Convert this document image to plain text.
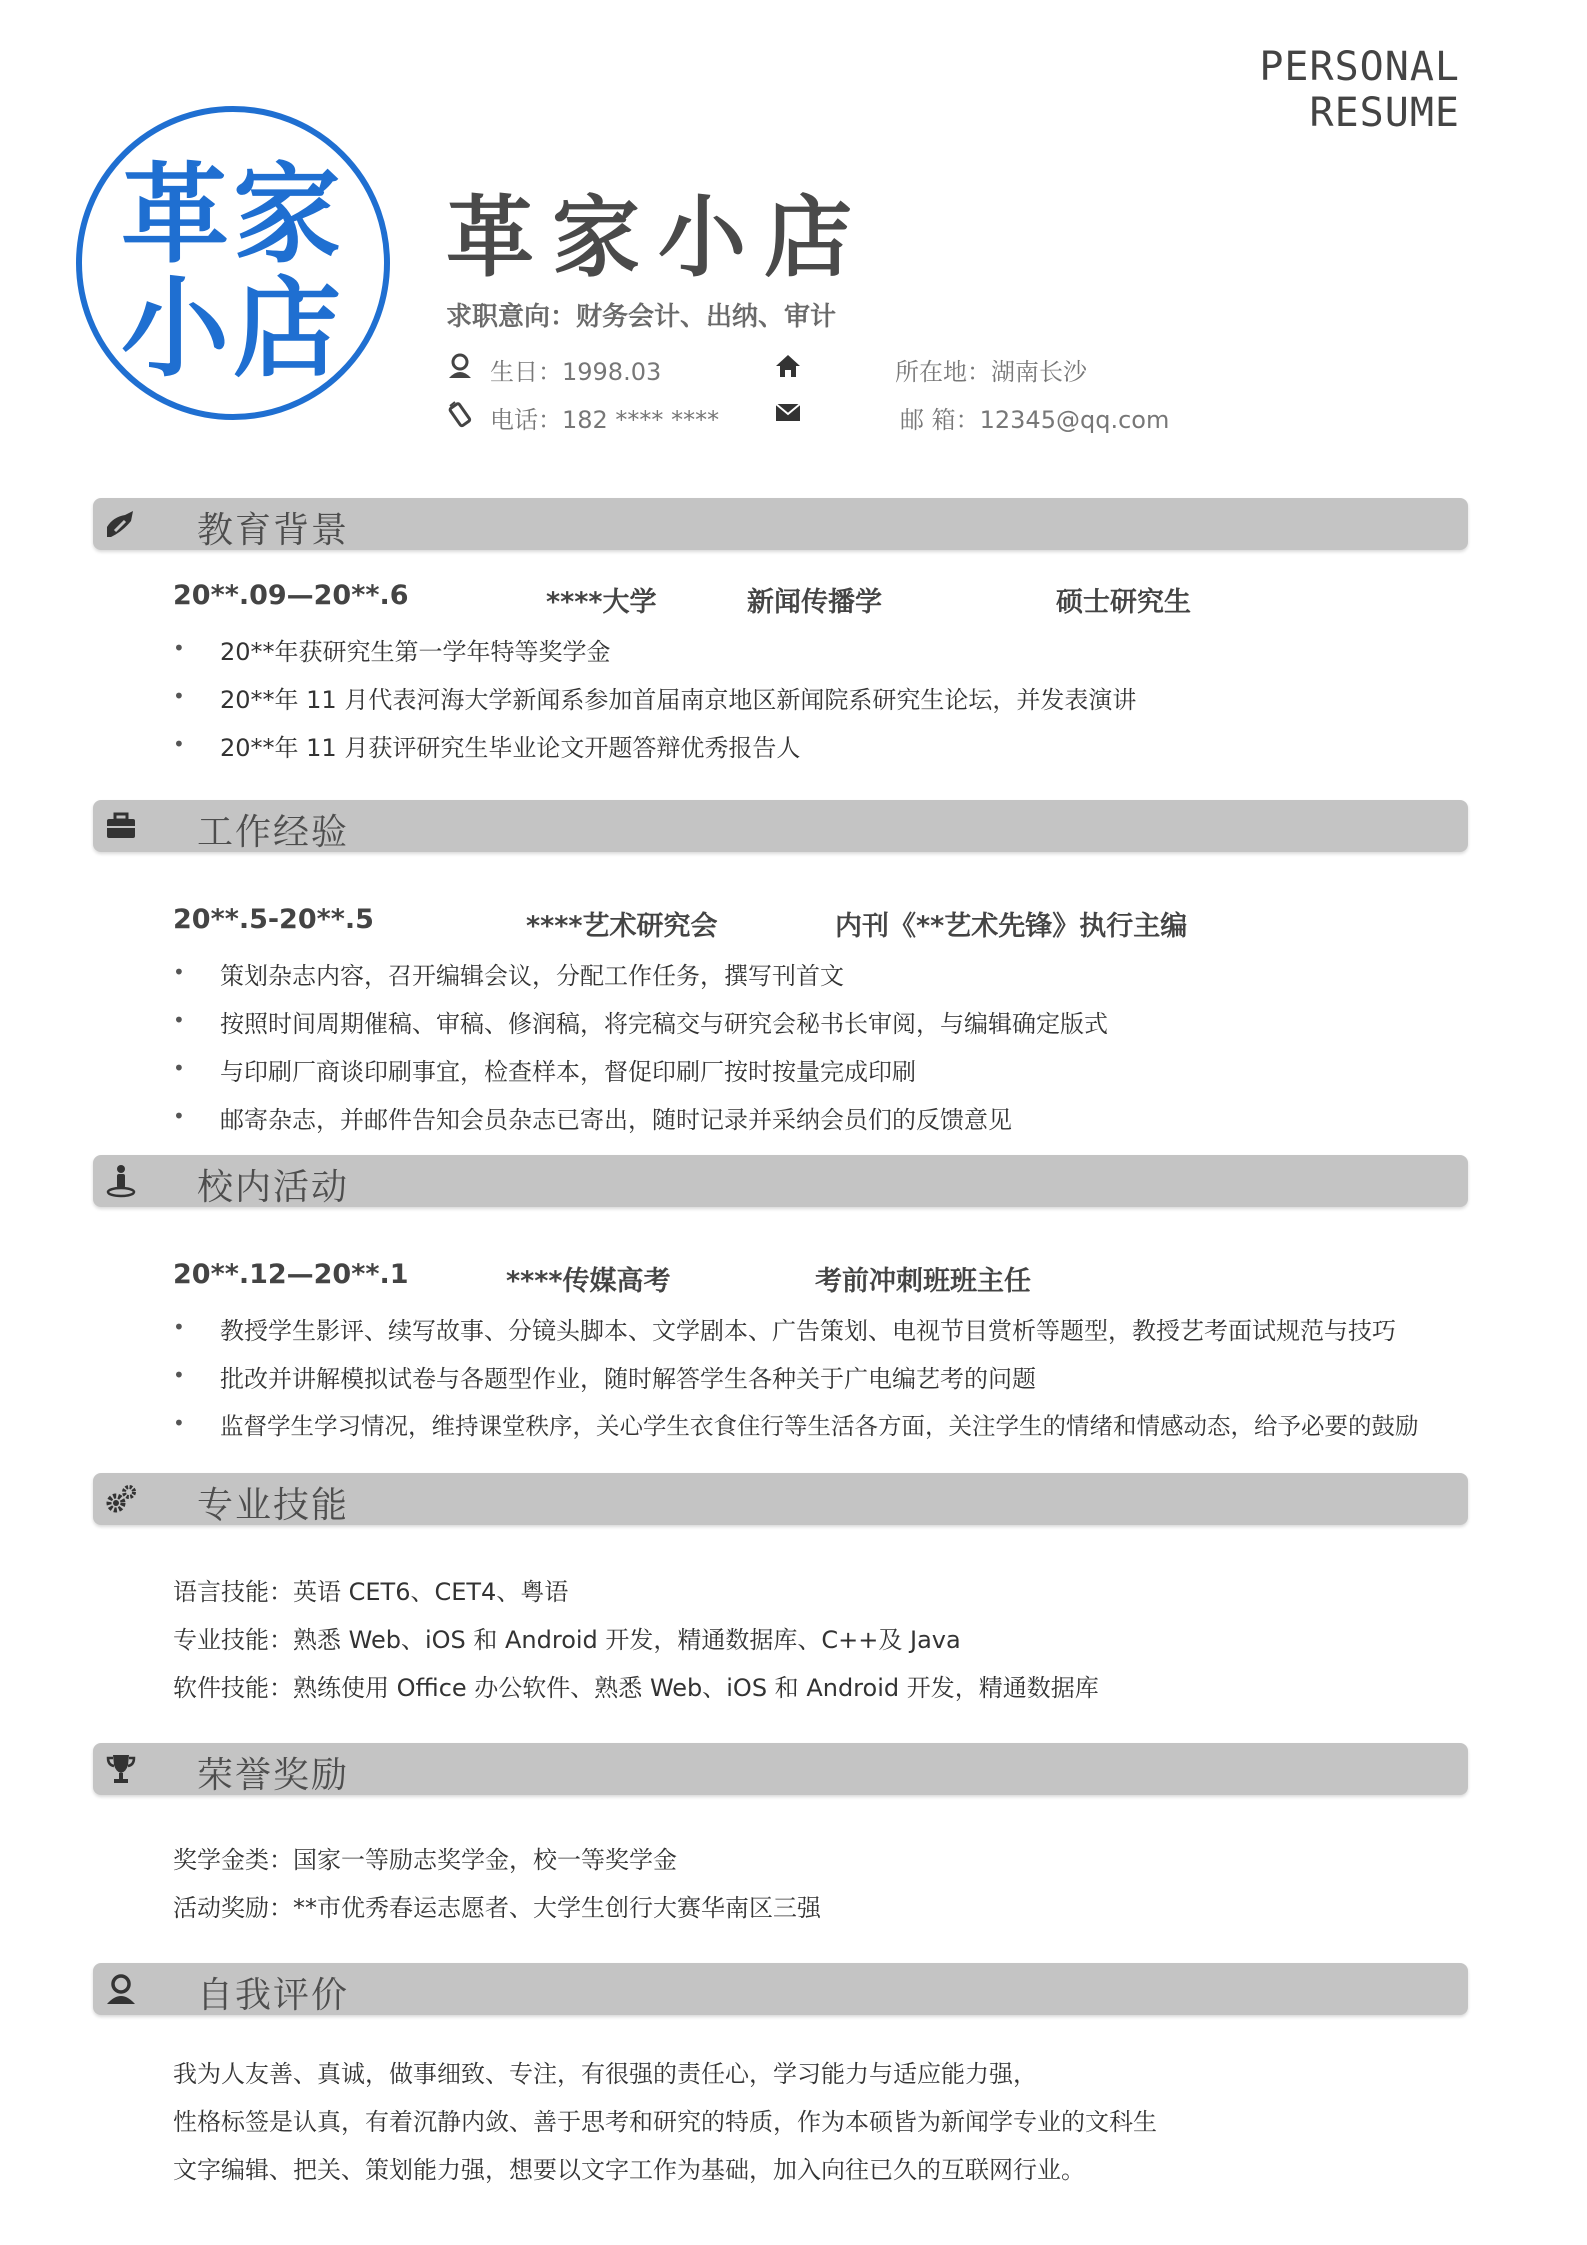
PERSONAL RESUME
革家
小店
革家小店
求职意向：财务会计、出纳、审计
生日：1998.03	所在地：湖南长沙
电话：182 **** ****	邮 箱：12345@qq.com
教育背景
20**.09—20**.6	****大学	新闻传播学	硕士研究生
• 20**年获研究生第一学年特等奖学金
• 20**年 11 月代表河海大学新闻系参加首届南京地区新闻院系研究生论坛，并发表演讲
• 20**年 11 月获评研究生毕业论文开题答辩优秀报告人
工作经验
20**.5-20**.5	****艺术研究会	内刊《**艺术先锋》执行主编
• 策划杂志内容，召开编辑会议，分配工作任务，撰写刊首文
• 按照时间周期催稿、审稿、修润稿，将完稿交与研究会秘书长审阅，与编辑确定版式
• 与印刷厂商谈印刷事宜，检查样本，督促印刷厂按时按量完成印刷
• 邮寄杂志，并邮件告知会员杂志已寄出，随时记录并采纳会员们的反馈意见
校内活动
20**.12—20**.1	****传媒高考	考前冲刺班班主任
• 教授学生影评、续写故事、分镜头脚本、文学剧本、广告策划、电视节目赏析等题型，教授艺考面试规范与技巧
• 批改并讲解模拟试卷与各题型作业，随时解答学生各种关于广电编艺考的问题
• 监督学生学习情况，维持课堂秩序，关心学生衣食住行等生活各方面，关注学生的情绪和情感动态，给予必要的鼓励
专业技能
语言技能：英语 CET6、CET4、粤语
专业技能：熟悉 Web、iOS 和 Android 开发，精通数据库、C++及 Java
软件技能：熟练使用 Office 办公软件、熟悉 Web、iOS 和 Android 开发，精通数据库
荣誉奖励
奖学金类：国家一等励志奖学金，校一等奖学金
活动奖励：**市优秀春运志愿者、大学生创行大赛华南区三强
自我评价
我为人友善、真诚，做事细致、专注，有很强的责任心，学习能力与适应能力强，
性格标签是认真，有着沉静内敛、善于思考和研究的特质，作为本硕皆为新闻学专业的文科生
文字编辑、把关、策划能力强，想要以文字工作为基础，加入向往已久的互联网行业。
